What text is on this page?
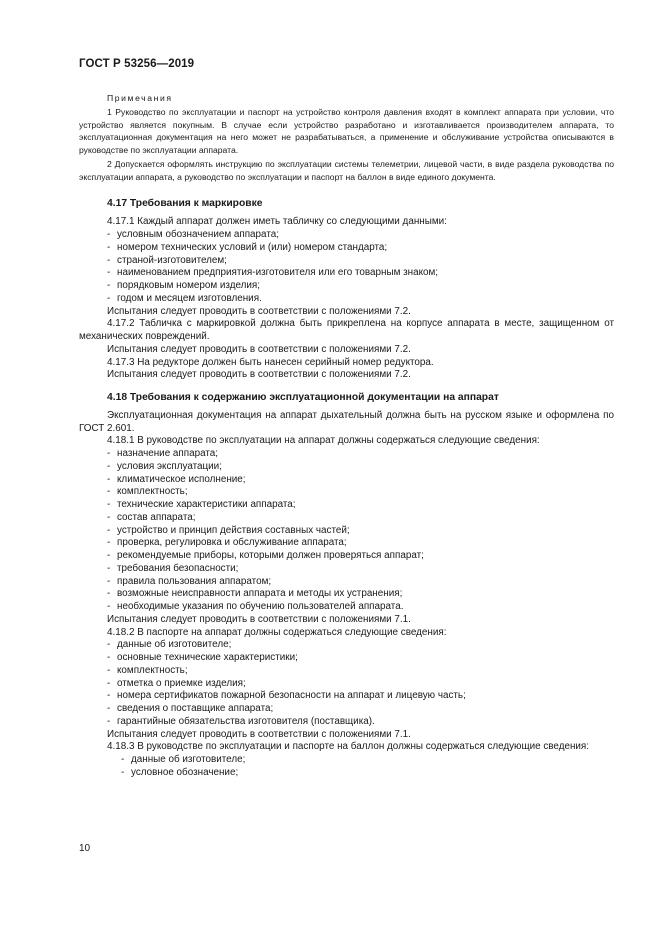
ГОСТ Р 53256—2019
Примечания

1 Руководство по эксплуатации и паспорт на устройство контроля давления входят в комплект аппарата при условии, что устройство является покупным. В случае если устройство разработано и изготавливается производителем аппарата, то эксплуатационная документация на него может не разрабатываться, а применение и обслуживание устройства описываются в руководстве по эксплуатации аппарата.

2 Допускается оформлять инструкцию по эксплуатации системы телеметрии, лицевой части, в виде раздела руководства по эксплуатации аппарата, а руководство по эксплуатации и паспорт на баллон в виде единого документа.

4.17 Требования к маркировке

4.17.1 Каждый аппарат должен иметь табличку со следующими данными:

- условным обозначением аппарата;
- номером технических условий и (или) номером стандарта;
- страной-изготовителем;
- наименованием предприятия-изготовителя или его товарным знаком;
- порядковым номером изделия;
- годом и месяцем изготовления.

Испытания следует проводить в соответствии с положениями 7.2.

4.17.2 Табличка с маркировкой должна быть прикреплена на корпусе аппарата в месте, защищенном от механических повреждений.

Испытания следует проводить в соответствии с положениями 7.2.

4.17.3 На редукторе должен быть нанесен серийный номер редуктора.

Испытания следует проводить в соответствии с положениями 7.2.

4.18 Требования к содержанию эксплуатационной документации на аппарат

Эксплуатационная документация на аппарат дыхательный должна быть на русском языке и оформлена по ГОСТ 2.601.

4.18.1 В руководстве по эксплуатации на аппарат должны содержаться следующие сведения:

- назначение аппарата;
- условия эксплуатации;
- климатическое исполнение;
- комплектность;
- технические характеристики аппарата;
- состав аппарата;
- устройство и принцип действия составных частей;
- проверка, регулировка и обслуживание аппарата;
- рекомендуемые приборы, которыми должен проверяться аппарат;
- требования безопасности;
- правила пользования аппаратом;
- возможные неисправности аппарата и методы их устранения;
- необходимые указания по обучению пользователей аппарата.

Испытания следует проводить в соответствии с положениями 7.1.

4.18.2 В паспорте на аппарат должны содержаться следующие сведения:

- данные об изготовителе;
- основные технические характеристики;
- комплектность;
- отметка о приемке изделия;
- номера сертификатов пожарной безопасности на аппарат и лицевую часть;
- сведения о поставщике аппарата;
- гарантийные обязательства изготовителя (поставщика).

Испытания следует проводить в соответствии с положениями 7.1.

4.18.3 В руководстве по эксплуатации и паспорте на баллон должны содержаться следующие сведения:

- данные об изготовителе;
- условное обозначение;
10
